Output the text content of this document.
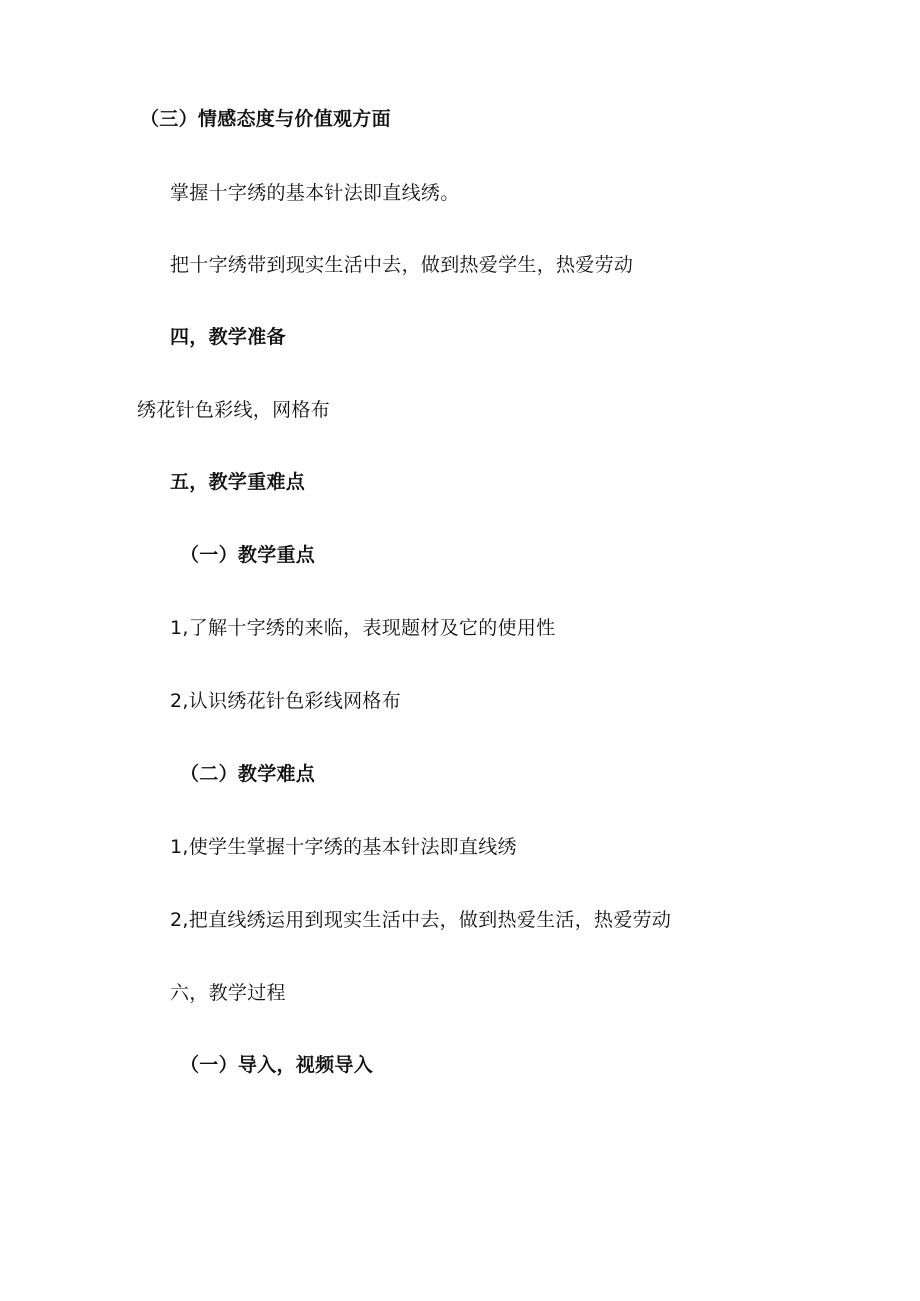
（三）情感态度与价值观方面
掌握十字绣的基本针法即直线绣。
把十字绣带到现实生活中去，做到热爱学生，热爱劳动
四，教学准备
绣花针色彩线，网格布
五，教学重难点
（一）教学重点
1,了解十字绣的来临，表现题材及它的使用性
2,认识绣花针色彩线网格布
（二）教学难点
1,使学生掌握十字绣的基本针法即直线绣
2,把直线绣运用到现实生活中去，做到热爱生活，热爱劳动
六，教学过程
（一）导入，视频导入
